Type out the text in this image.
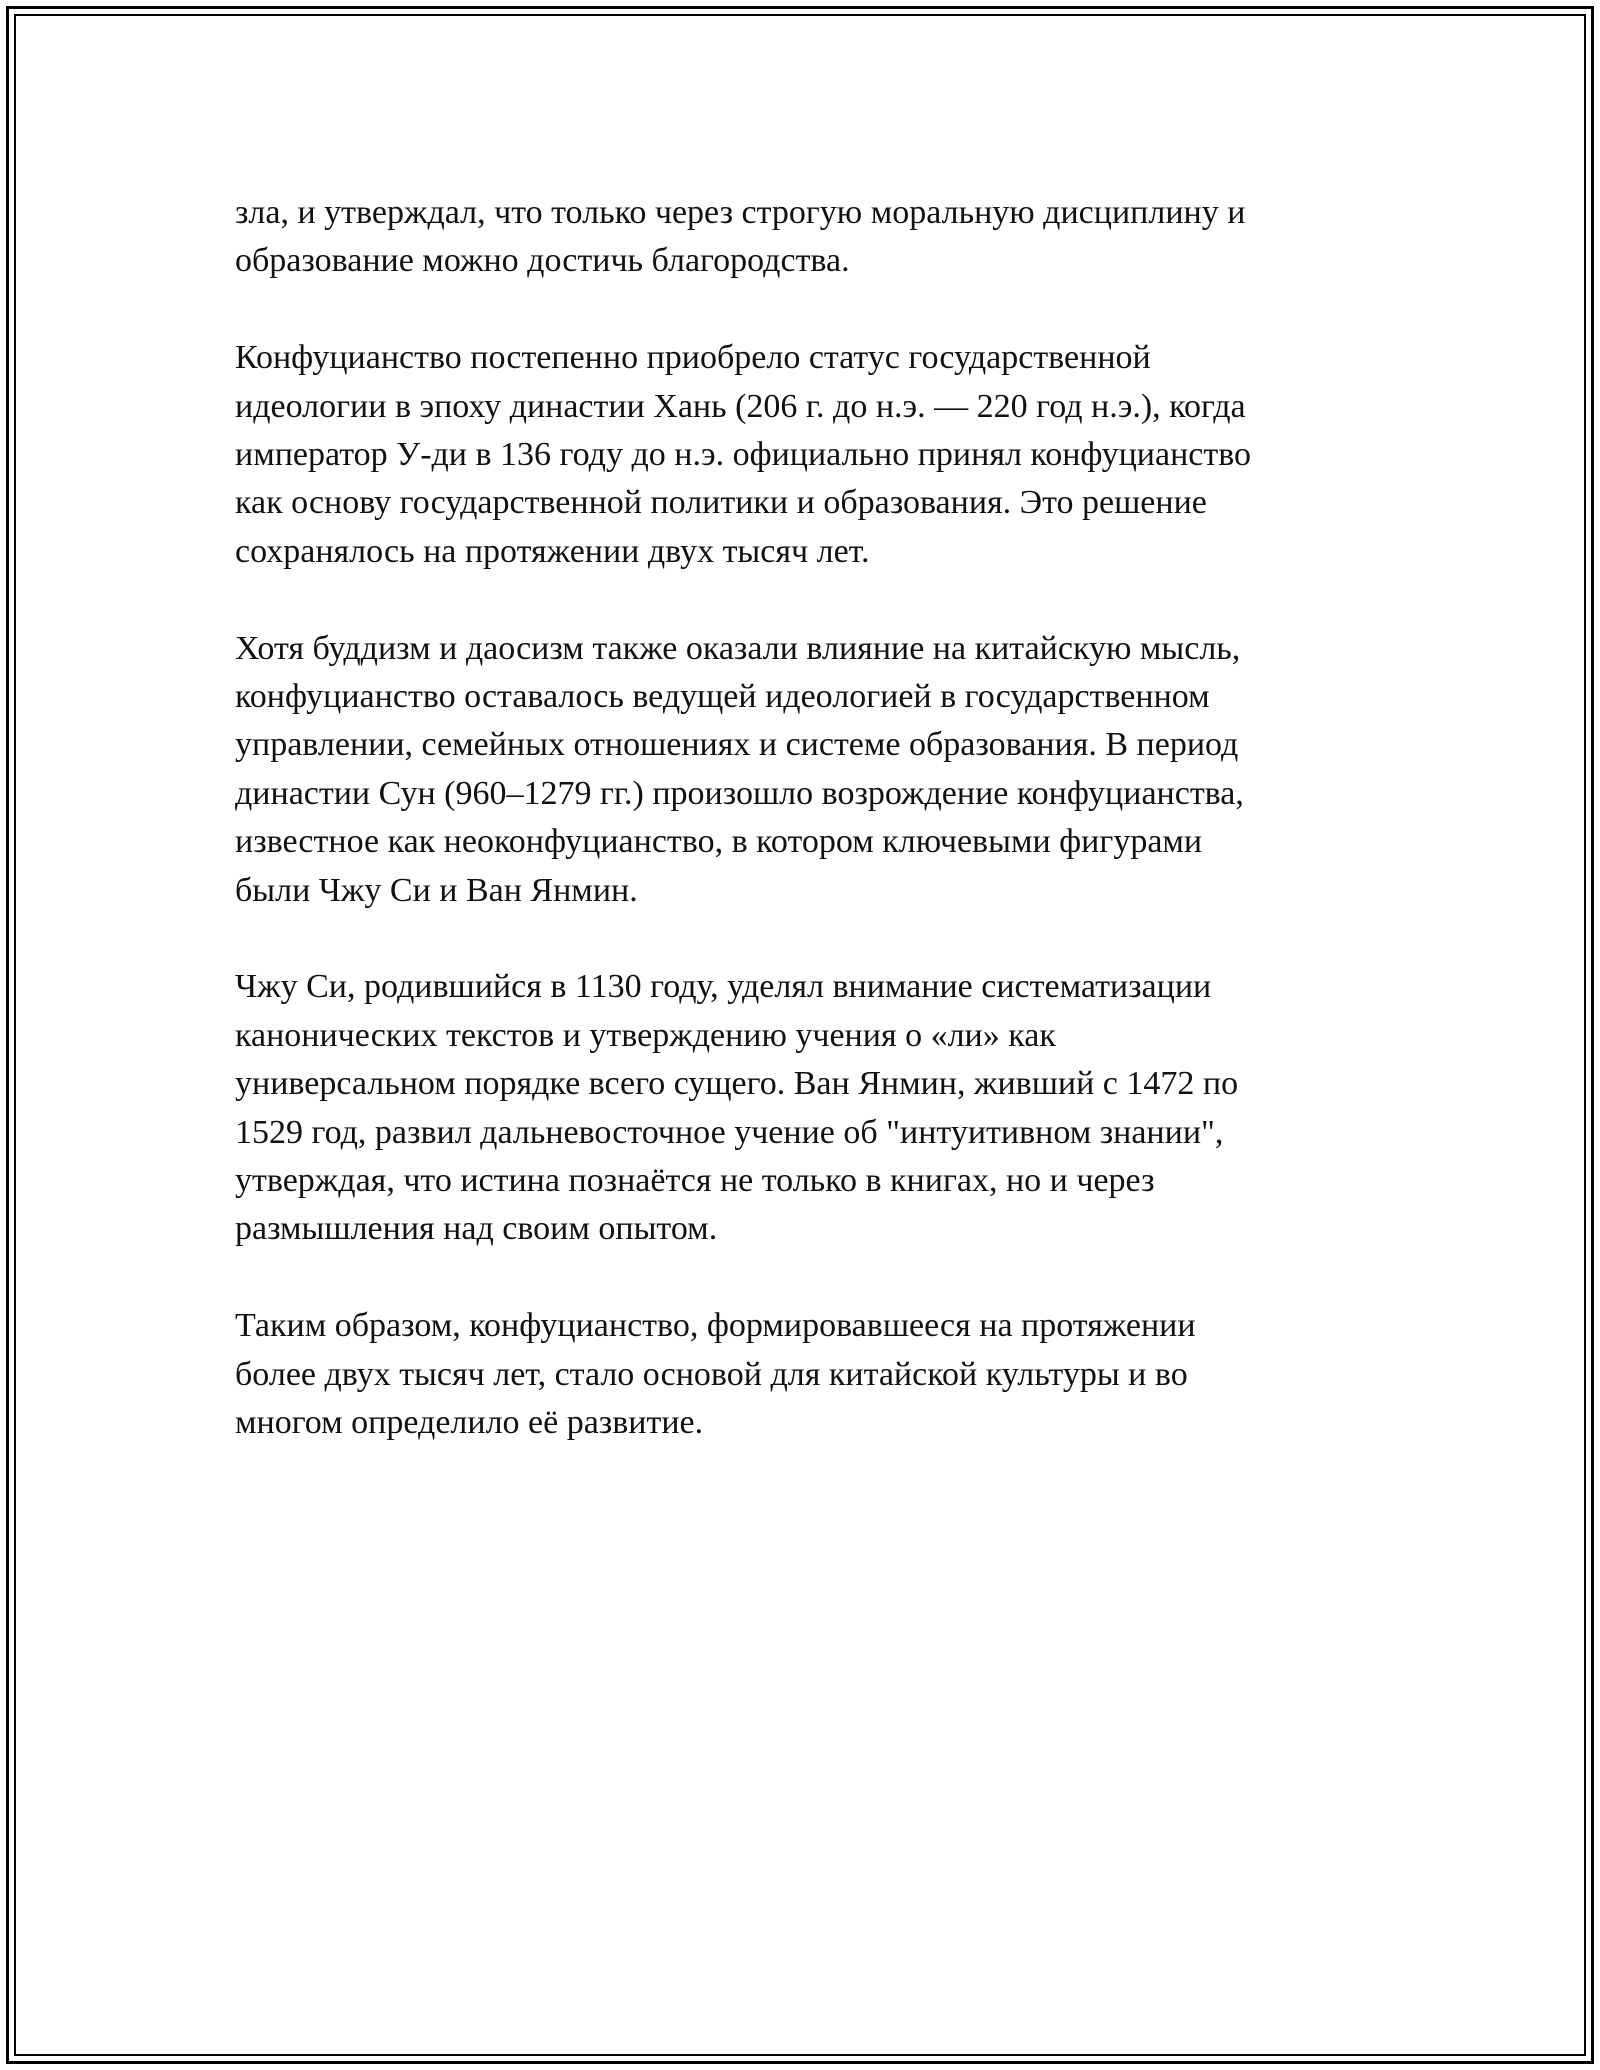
зла, и утверждал, что только через строгую моральную дисциплину и
образование можно достичь благородства.

Конфуцианство постепенно приобрело статус государственной
идеологии в эпоху династии Хань (206 г. до н.э. — 220 год н.э.), когда
император У-ди в 136 году до н.э. официально принял конфуцианство
как основу государственной политики и образования. Это решение
сохранялось на протяжении двух тысяч лет.

Хотя буддизм и даосизм также оказали влияние на китайскую мысль,
конфуцианство оставалось ведущей идеологией в государственном
управлении, семейных отношениях и системе образования. В период
династии Сун (960–1279 гг.) произошло возрождение конфуцианства,
известное как неоконфуцианство, в котором ключевыми фигурами
были Чжу Си и Ван Янмин.

Чжу Си, родившийся в 1130 году, уделял внимание систематизации
канонических текстов и утверждению учения о «ли» как
универсальном порядке всего сущего. Ван Янмин, живший с 1472 по
1529 год, развил дальневосточное учение об "интуитивном знании",
утверждая, что истина познаётся не только в книгах, но и через
размышления над своим опытом.

Таким образом, конфуцианство, формировавшееся на протяжении
более двух тысяч лет, стало основой для китайской культуры и во
многом определило её развитие.
